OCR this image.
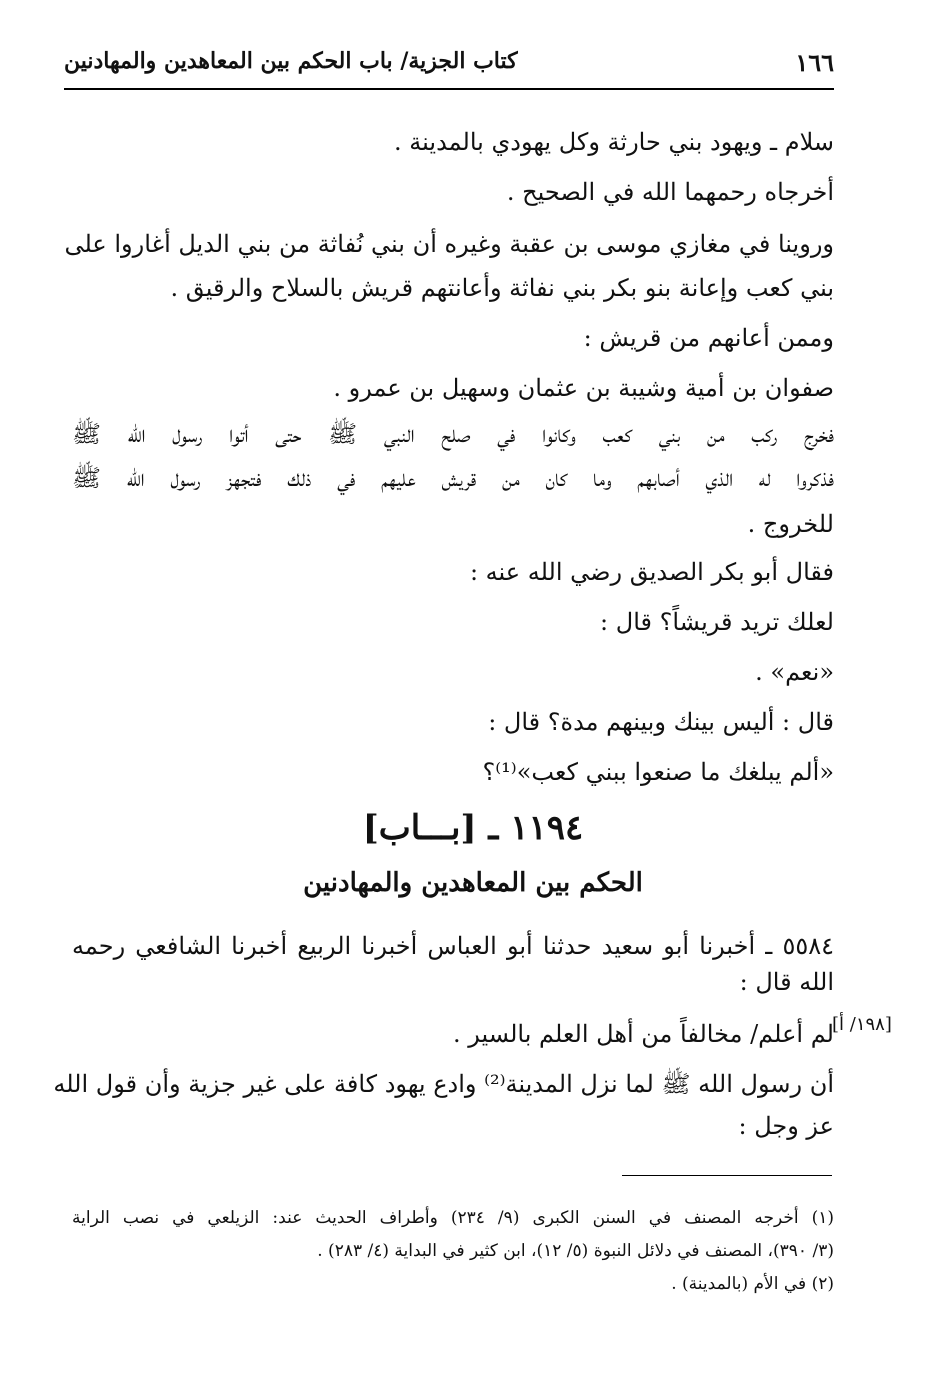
١٦٦
كتاب الجزية/ باب الحكم بين المعاهدين والمهادنين
سلام ـ ويهود بني حارثة وكل يهودي بالمدينة .
أخرجاه رحمهما الله في الصحيح .
وروينا في مغازي موسى بن عقبة وغيره أن بني نُفاثة من بني الديل أغاروا على
بني كعب وإعانة بنو بكر بني نفاثة وأعانتهم قريش بالسلاح والرقيق .
وممن أعانهم من قريش :
صفوان بن أمية وشيبة بن عثمان وسهيل بن عمرو .
فخرج ركب من بني كعب وكانوا في صلح النبي ﷺ حتى أتوا رسول الله ﷺ
فذكروا له الذي أصابهم وما كان من قريش عليهم في ذلك فتجهز رسول الله ﷺ
للخروج .
فقال أبو بكر الصديق رضي الله عنه :
لعلك تريد قريشاً؟ قال :
«نعم» .
قال : أليس بينك وبينهم مدة؟ قال :
«ألم يبلغك ما صنعوا ببني كعب»⁽¹⁾؟
٥٥٨٤ ـ أخبرنا أبو سعيد حدثنا أبو العباس أخبرنا الربيع أخبرنا الشافعي رحمه
الله قال :
لم أعلم/ مخالفاً من أهل العلم بالسير .
أن رسول الله ﷺ لما نزل المدينة⁽²⁾ وادع يهود كافة على غير جزية وأن قول الله
عز وجل :
١١٩٤ ـ [بـــاب]
الحكم بين المعاهدين والمهادنين
[١٩٨/ أ]
(١) أخرجه المصنف في السنن الكبرى (٩/ ٢٣٤) وأطراف الحديث عند: الزيلعي في نصب الراية
(٣/ ٣٩٠)، المصنف في دلائل النبوة (٥/ ١٢)، ابن كثير في البداية (٤/ ٢٨٣) .
(٢) في الأم (بالمدينة) .
